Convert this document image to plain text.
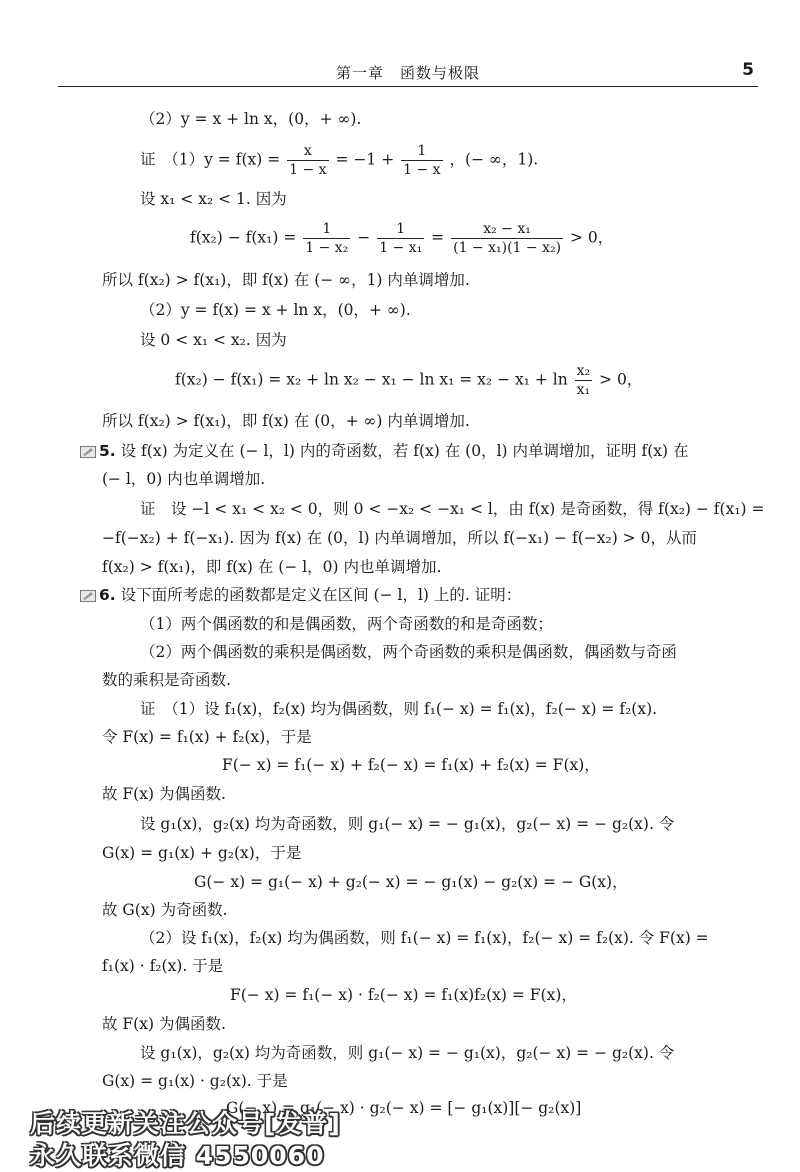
第一章　函数与极限	5
（2）y = x + ln x，(0，+ ∞).
证　$(1)y = f(x) = \frac{x}{1 - x} = -1 + \frac{1}{1 - x}$ ，(− ∞，1).
设 x₁ < x₂ < 1. 因为
$f(x_2) - f(x_1) = \frac{1}{\text{1 − x₂}} - \frac{1}{\text{1 − x₁}} = \frac{\text{x₂ − x₁}}{\text{(1 − x₁)(1 − x₂)}} > 0$，
所以 f(x₂) > f(x₁)，即 f(x) 在 (− ∞，1) 内单调增加.
（2）y = f(x) = x + ln x，(0，+ ∞).
设 0 < x₁ < x₂. 因为
$f(x_2) - f(x_1) = x_2 + \ln x_2 - x_1 - \ln x_1 = x_2 - x_1 + \ln \frac{\text{x₂}}{\text{x₁}} > 0$，
所以 f(x₂) > f(x₁)，即 f(x) 在 (0，+ ∞) 内单调增加.
5. 设 f(x) 为定义在 (− l，l) 内的奇函数，若 f(x) 在 (0，l) 内单调增加，证明 f(x) 在
(− l，0) 内也单调增加.
证　设 −l < x₁ < x₂ < 0，则 0 < −x₂ < −x₁ < l，由 f(x) 是奇函数，得 f(x₂) − f(x₁) =
−f(−x₂) + f(−x₁). 因为 f(x) 在 (0，l) 内单调增加，所以 f(−x₁) − f(−x₂) > 0，从而
f(x₂) > f(x₁)，即 f(x) 在 (− l，0) 内也单调增加.
6. 设下面所考虑的函数都是定义在区间 (− l，l) 上的. 证明：
（1）两个偶函数的和是偶函数，两个奇函数的和是奇函数；
（2）两个偶函数的乘积是偶函数，两个奇函数的乘积是偶函数，偶函数与奇函
数的乘积是奇函数.
证　（1）设 f₁(x)，f₂(x) 均为偶函数，则 f₁(− x) = f₁(x)，f₂(− x) = f₂(x).
令 F(x) = f₁(x) + f₂(x)，于是
F(− x) = f₁(− x) + f₂(− x) = f₁(x) + f₂(x) = F(x)，
故 F(x) 为偶函数.
设 g₁(x)，g₂(x) 均为奇函数，则 g₁(− x) = − g₁(x)，g₂(− x) = − g₂(x). 令
G(x) = g₁(x) + g₂(x)，于是
G(− x) = g₁(− x) + g₂(− x) = − g₁(x) − g₂(x) = − G(x)，
故 G(x) 为奇函数.
（2）设 f₁(x)，f₂(x) 均为偶函数，则 f₁(− x) = f₁(x)，f₂(− x) = f₂(x). 令 F(x) =
f₁(x) · f₂(x). 于是
F(− x) = f₁(− x) · f₂(− x) = f₁(x)f₂(x) = F(x)，
故 F(x) 为偶函数.
设 g₁(x)，g₂(x) 均为奇函数，则 g₁(− x) = − g₁(x)，g₂(− x) = − g₂(x). 令
G(x) = g₁(x) · g₂(x). 于是
G(− x) = g₁(− x) · g₂(− x) = [− g₁(x)][− g₂(x)]
后续更新关注公众号[发普]
永久联系微信 4550060
